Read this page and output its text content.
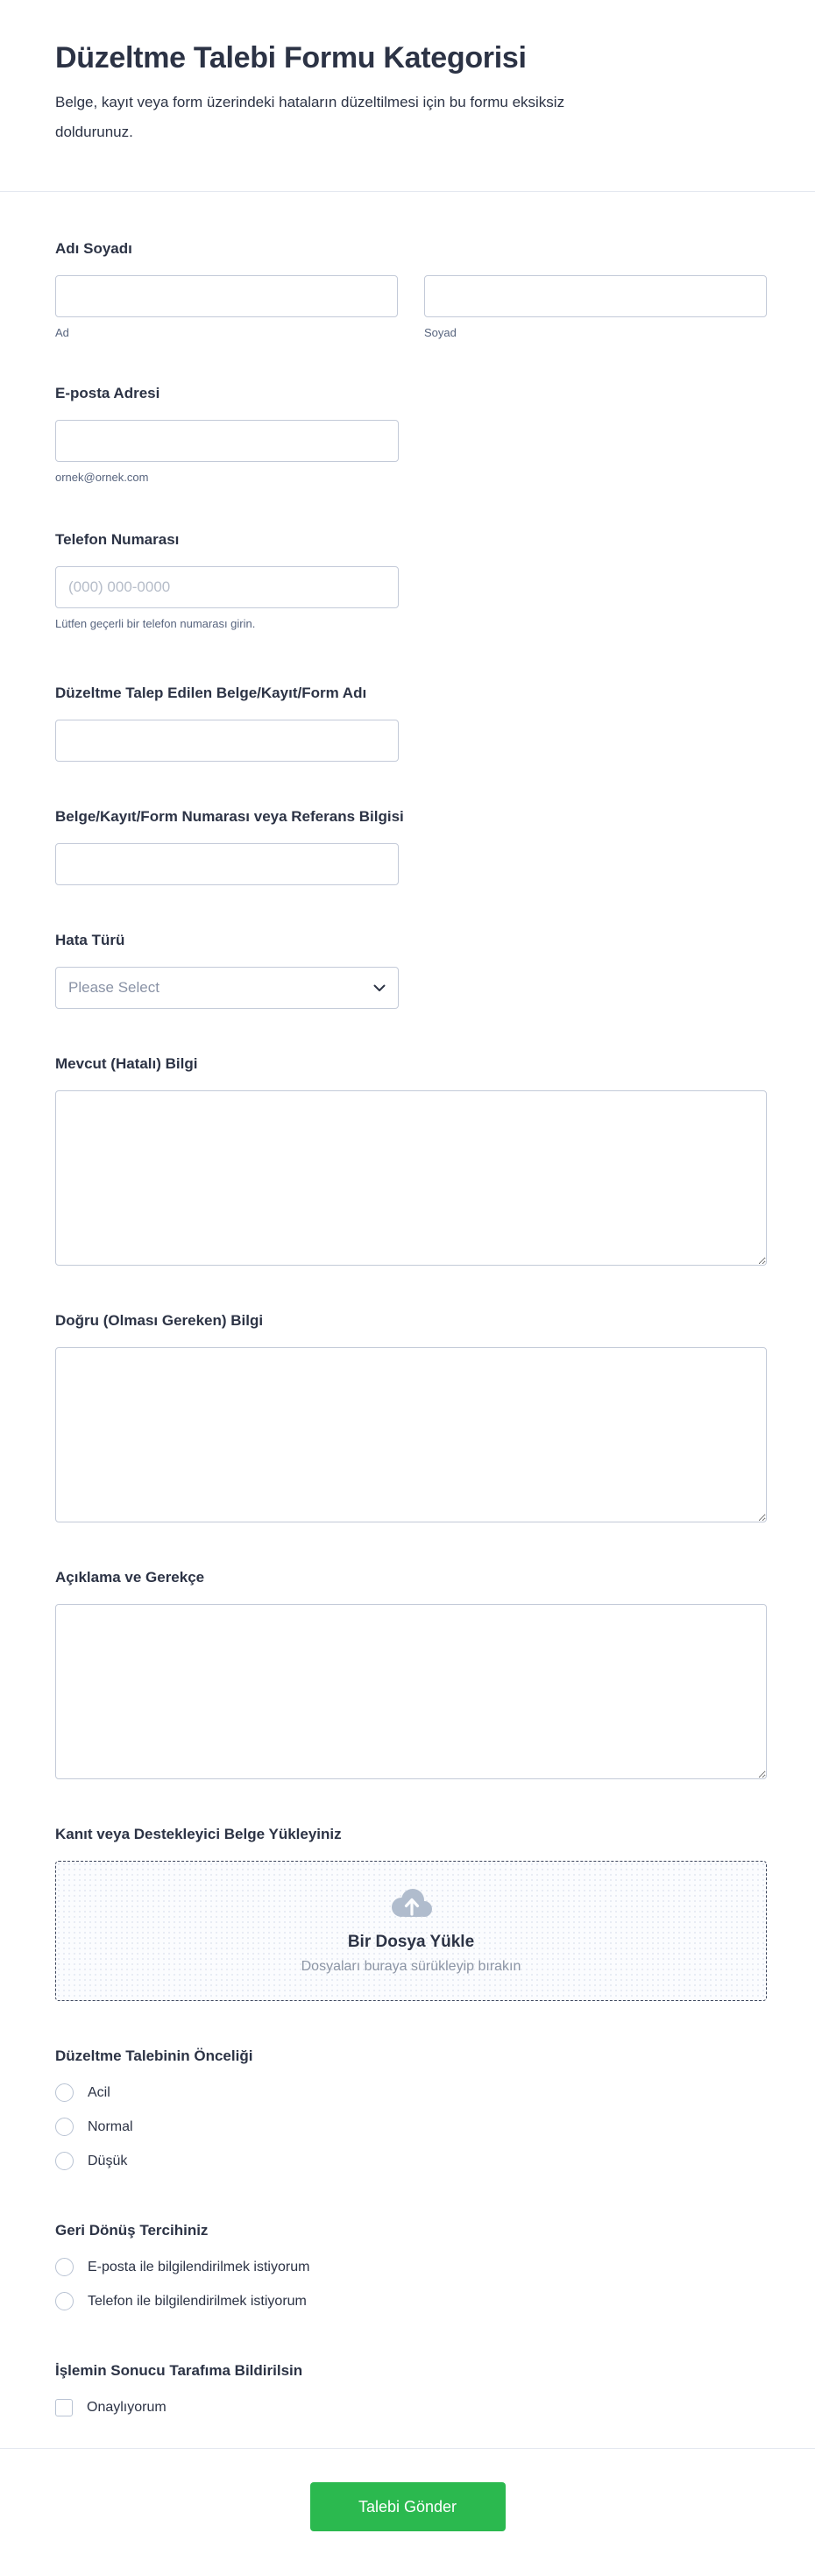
Düzeltme Talebi Formu Kategorisi
Belge, kayıt veya form üzerindeki hataların düzeltilmesi için bu formu eksiksiz
doldurunuz.
Adı Soyadı
Ad	Soyad
E-posta Adresi
ornek@ornek.com
Telefon Numarası
(000) 000-0000
Lütfen geçerli bir telefon numarası girin.
Düzeltme Talep Edilen Belge/Kayıt/Form Adı
Belge/Kayıt/Form Numarası veya Referans Bilgisi
Hata Türü
Please Select
Mevcut (Hatalı) Bilgi
Doğru (Olması Gereken) Bilgi
Açıklama ve Gerekçe
Kanıt veya Destekleyici Belge Yükleyiniz
Bir Dosya Yükle
Dosyaları buraya sürükleyip bırakın
Düzeltme Talebinin Önceliği
Acil
Normal
Düşük
Geri Dönüş Tercihiniz
E-posta ile bilgilendirilmek istiyorum
Telefon ile bilgilendirilmek istiyorum
İşlemin Sonucu Tarafıma Bildirilsin
Onaylıyorum
Talebi Gönder
